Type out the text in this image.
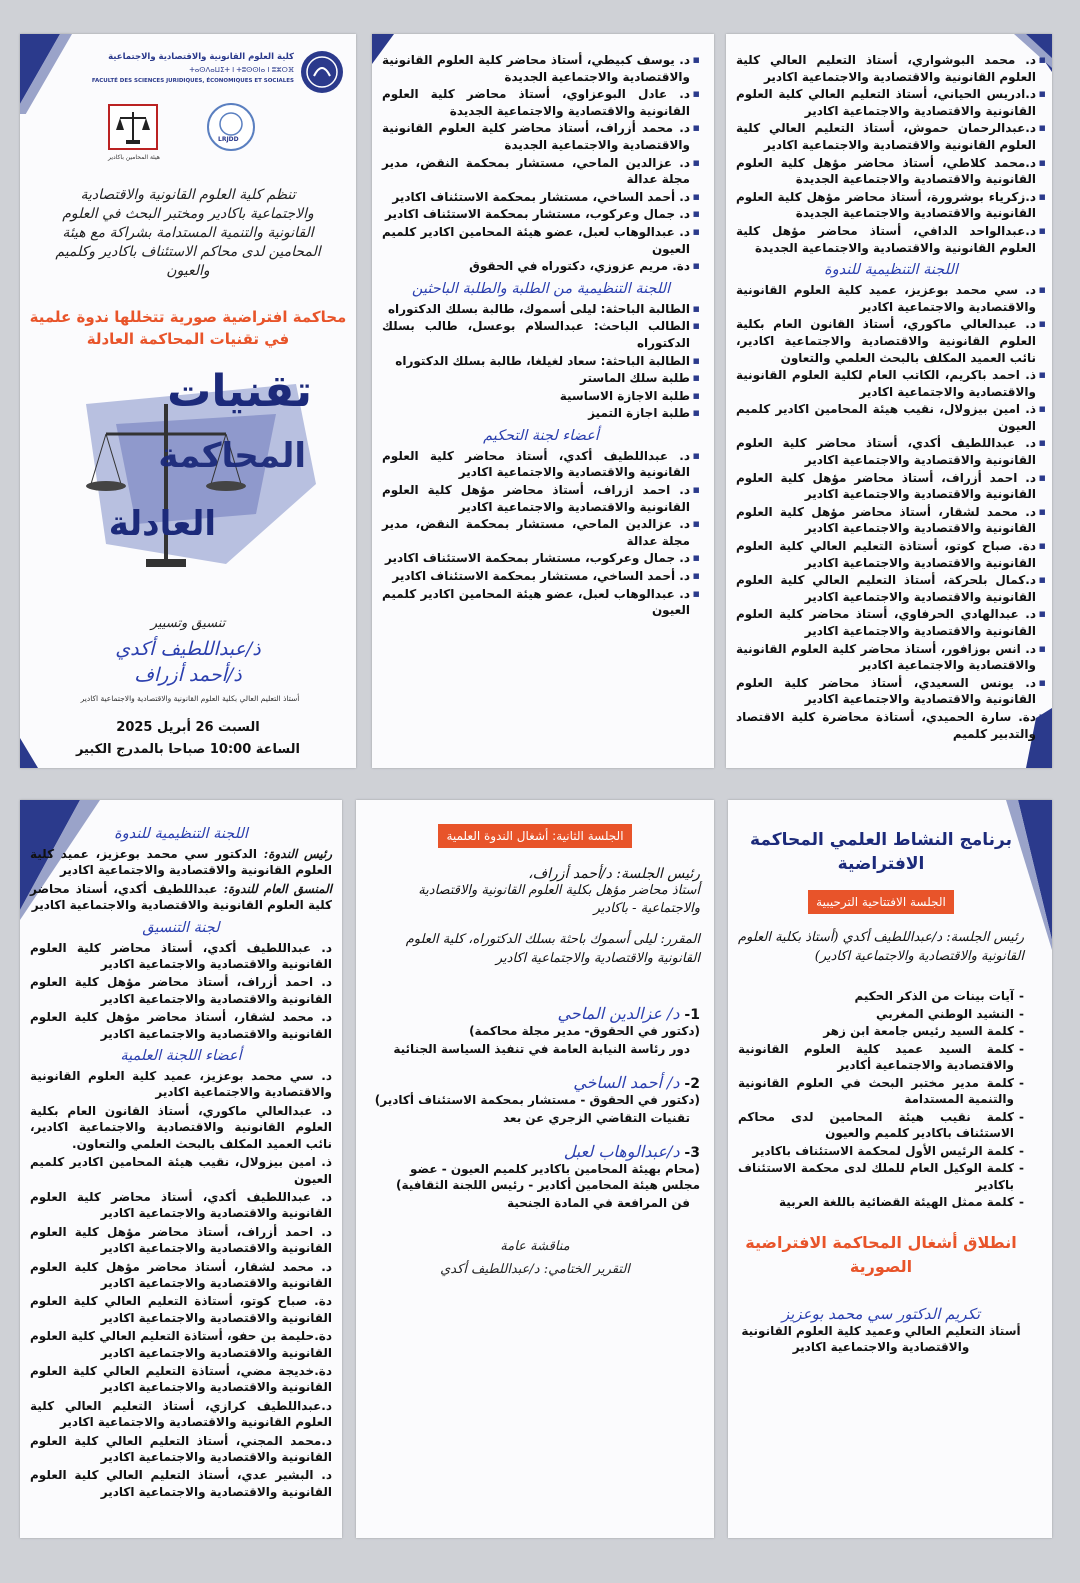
▪ د. محمد البوشواري، أستاذ التعليم العالي كلية العلوم القانونية والاقتصادية والاجتماعية اكادير
▪ د.ادريس الحياني، أستاذ التعليم العالي كلية العلوم القانونية والاقتصادية والاجتماعية اكادير
▪ د.عبدالرحمان حموش، أستاذ التعليم العالي كلية العلوم القانونية والاقتصادية والاجتماعية اكادير
▪ د.محمد كلاطي، أستاذ محاضر مؤهل كلية العلوم القانونية والاقتصادية والاجتماعية الجديدة
▪ د.زكرياء بوشرورة، أستاذ محاضر مؤهل كلية العلوم القانونية والاقتصادية والاجتماعية الجديدة
▪ د.عبدالواحد الدافي، أستاذ محاضر مؤهل كلية العلوم القانونية والاقتصادية والاجتماعية الجديدة
اللجنة التنظيمية للندوة
▪ د. سي محمد بوعزيز، عميد كلية العلوم القانونية والاقتصادية والاجتماعية اكادير
▪ د. عبدالعالي ماكوري، أستاذ القانون العام بكلية العلوم القانونية والاقتصادية والاجتماعية اكادير، نائب العميد المكلف بالبحث العلمي والتعاون
▪ ذ. احمد باكريم، الكاتب العام لكلية العلوم القانونية والاقتصادية والاجتماعية اكادير
▪ ذ. امين بيزولال، نقيب هيئة المحامين اكادير كلميم العيون
▪ د. عبداللطيف أكدي، أستاذ محاضر كلية العلوم القانونية والاقتصادية والاجتماعية اكادير
▪ د. احمد أزراف، أستاذ محاضر مؤهل كلية العلوم القانونية والاقتصادية والاجتماعية اكادير
▪ د. محمد لشقار، أستاذ محاضر مؤهل كلية العلوم القانونية والاقتصادية والاجتماعية اكادير
▪ دة. صباح كوتو، أستاذة التعليم العالي كلية العلوم القانونية والاقتصادية والاجتماعية اكادير
▪ د.كمال بلحركة، أستاذ التعليم العالي كلية العلوم القانونية والاقتصادية والاجتماعية اكادير
▪ د. عبدالهادي الحرفاوي، أستاذ محاضر كلية العلوم القانونية والاقتصادية والاجتماعية اكادير
▪ د. انس بوزافور، أستاذ محاضر كلية العلوم القانونية والاقتصادية والاجتماعية اكادير
▪ د. يونس السعيدي، أستاذ محاضر كلية العلوم القانونية والاقتصادية والاجتماعية اكادير
▪ دة. سارة الحميدي، أستاذة محاضرة كلية الاقتصاد والتدبير كلميم
▪ د. يوسف كبيطي، أستاذ محاضر كلية العلوم القانونية والاقتصادية والاجتماعية الجديدة
▪ د. عادل البوعزاوي، أستاذ محاضر كلية العلوم القانونية والاقتصادية والاجتماعية الجديدة
▪ د. محمد أزراف، أستاذ محاضر كلية العلوم القانونية والاقتصادية والاجتماعية الجديدة
▪ د. عزالدين الماحي، مستشار بمحكمة النقض، مدير مجلة عدالة
▪ د. أحمد الساخي، مستشار بمحكمة الاستئناف اكادير
▪ د. جمال وعركوب، مستشار بمحكمة الاستئناف اكادير
▪ د. عبدالوهاب لعبل، عضو هيئة المحامين اكادير كلميم العيون
▪ دة. مريم عزوزي، دكتوراه في الحقوق
اللجنة التنظيمية من الطلبة والطلبة الباحثين
▪ الطالبة الباحثة: ليلى أسموك، طالبة بسلك الدكتوراه
▪ الطالب الباحث: عبدالسلام بوعسل، طالب بسلك الدكتوراه
▪ الطالبة الباحثة: سعاد لغيلغا، طالبة بسلك الدكتوراه
▪ طلبة سلك الماستر
▪ طلبة الاجازة الاساسية
▪ طلبة اجازة التميز
أعضاء لجنة التحكيم
▪ د. عبداللطيف أكدي، أستاذ محاضر كلية العلوم القانونية والاقتصادية والاجتماعية اكادير
▪ د. احمد ازراف، أستاذ محاضر مؤهل كلية العلوم القانونية والاقتصادية والاجتماعية اكادير
▪ د. عزالدين الماحي، مستشار بمحكمة النقض، مدير مجلة عدالة
▪ د. جمال وعركوب، مستشار بمحكمة الاستئناف اكادير
▪ د. أحمد الساخي، مستشار بمحكمة الاستئناف اكادير
▪ د. عبدالوهاب لعبل، عضو هيئة المحامين اكادير كلميم العيون
كلية العلوم القانونية والاقتصادية والاجتماعية
ⵜⴰⵙⴷⴰⵡⵉⵜ ⵏ ⵜⵓⵙⵙⵏⴰ ⵏ ⵓⵣⵔⴼ
FACULTÉ DES SCIENCES JURIDIQUES, ÉCONOMIQUES ET SOCIALES
هيئة المحامين باكادير
LRJDD
تنظم كلية العلوم القانونية والاقتصادية والاجتماعية باكادير ومختبر البحث في العلوم القانونية والتنمية المستدامة بشراكة مع هيئة المحامين لدى محاكم الاستئناف باكادير وكلميم والعيون
محاكمة افتراضية صورية تتخللها ندوة علمية في تقنيات المحاكمة العادلة
تقنيات
المحاكمة
العادلة
تنسيق وتسيير
ذ/عبداللطيف أكدي
ذ/أحمد أزراف
أستاذ التعليم العالي بكلية العلوم القانونية والاقتصادية والاجتماعية اكادير
السبت 26 أبريل 2025
الساعة 10:00 صباحا بالمدرج الكبير
اللجنة التنظيمية للندوة

رئيس الندوة: الدكتور سي محمد بوعزيز، عميد كلية العلوم القانونية والاقتصادية والاجتماعية اكادير

المنسق العام للندوة: عبداللطيف أكدي، أستاذ محاضر كلية العلوم القانونية والاقتصادية والاجتماعية اكادير

لجنة التنسيق

د. عبداللطيف أكدي، أستاذ محاضر كلية العلوم القانونية والاقتصادية والاجتماعية اكادير

د. احمد أزراف، أستاذ محاضر مؤهل كلية العلوم القانونية والاقتصادية والاجتماعية اكادير

د. محمد لشقار، أستاذ محاضر مؤهل كلية العلوم القانونية والاقتصادية والاجتماعية اكادير

أعضاء اللجنة العلمية

د. سي محمد بوعزيز، عميد كلية العلوم القانونية والاقتصادية والاجتماعية اكادير

د. عبدالعالي ماكوري، أستاذ القانون العام بكلية العلوم القانونية والاقتصادية والاجتماعية اكادير، نائب العميد المكلف بالبحث العلمي والتعاون.

ذ. امين بيزولال، نقيب هيئة المحامين اكادير كلميم العيون

د. عبداللطيف أكدي، أستاذ محاضر كلية العلوم القانونية والاقتصادية والاجتماعية اكادير

د. احمد أزراف، أستاذ محاضر مؤهل كلية العلوم القانونية والاقتصادية والاجتماعية اكادير

د. محمد لشقار، أستاذ محاضر مؤهل كلية العلوم القانونية والاقتصادية والاجتماعية اكادير

دة. صباح كوتو، أستاذة التعليم العالي كلية العلوم القانونية والاقتصادية والاجتماعية اكادير

دة.حليمة بن حفو، أستاذة التعليم العالي كلية العلوم القانونية والاقتصادية والاجتماعية اكادير

دة.خديجة مضي، أستاذة التعليم العالي كلية العلوم القانونية والاقتصادية والاجتماعية اكادير

د.عبداللطيف كرازي، أستاذ التعليم العالي كلية العلوم القانونية والاقتصادية والاجتماعية اكادير

د.محمد المجني، أستاذ التعليم العالي كلية العلوم القانونية والاقتصادية والاجتماعية اكادير

د. البشير عدي، أستاذ التعليم العالي كلية العلوم القانونية والاقتصادية والاجتماعية اكادير

الجلسة الثانية: أشغال الندوة العلمية
رئيس الجلسة: د/أحمد أزراف،
أستاذ محاضر مؤهل بكلية العلوم القانونية والاقتصادية والاجتماعية - باكادير
المقرر: ليلى أسموك باحثة بسلك الدكتوراه، كلية العلوم القانونية والاقتصادية والاجتماعية اكادير
1- د/ عزالدين الماحي
(دكتور في الحقوق- مدير مجلة محاكمة)
دور رئاسة النيابة العامة في تنفيذ السياسة الجنائية
2- د/ أحمد الساخي
(دكتور في الحقوق - مستشار بمحكمة الاستئناف أكادير)
تقنيات التقاضي الزجري عن بعد
3- د/عبدالوهاب لعبل
(محام بهيئة المحامين باكادير كلميم العيون - عضو مجلس هيئة المحامين أكادير - رئيس اللجنة الثقافية)
فن المرافعة في المادة الجنحية
مناقشة عامة
التقرير الختامي: د/عبداللطيف أكدي
برنامج النشاط العلمي المحاكمة الافتراضية
الجلسة الافتتاحية الترحيبية
رئيس الجلسة: د/عبداللطيف أكدي (أستاذ بكلية العلوم القانونية والاقتصادية والاجتماعية اكادير)
- آيات بينات من الذكر الحكيم
- النشيد الوطني المغربي
- كلمة السيد رئيس جامعة ابن زهر
- كلمة السيد عميد كلية العلوم القانونية والاقتصادية والاجتماعية أكادير
- كلمة مدير مختبر البحث في العلوم القانونية والتنمية المستدامة
- كلمة نقيب هيئة المحامين لدى محاكم الاستئناف باكادير كلميم والعيون
- كلمة الرئيس الأول لمحكمة الاستئناف باكادير
- كلمة الوكيل العام للملك لدى محكمة الاستئناف باكادير
- كلمة ممثل الهيئة القضائية باللغة العربية
انطلاق أشغال المحاكمة الافتراضية الصورية
تكريم الدكتور سي محمد بوعزيز
أستاذ التعليم العالي وعميد كلية العلوم القانونية والاقتصادية والاجتماعية اكادير
